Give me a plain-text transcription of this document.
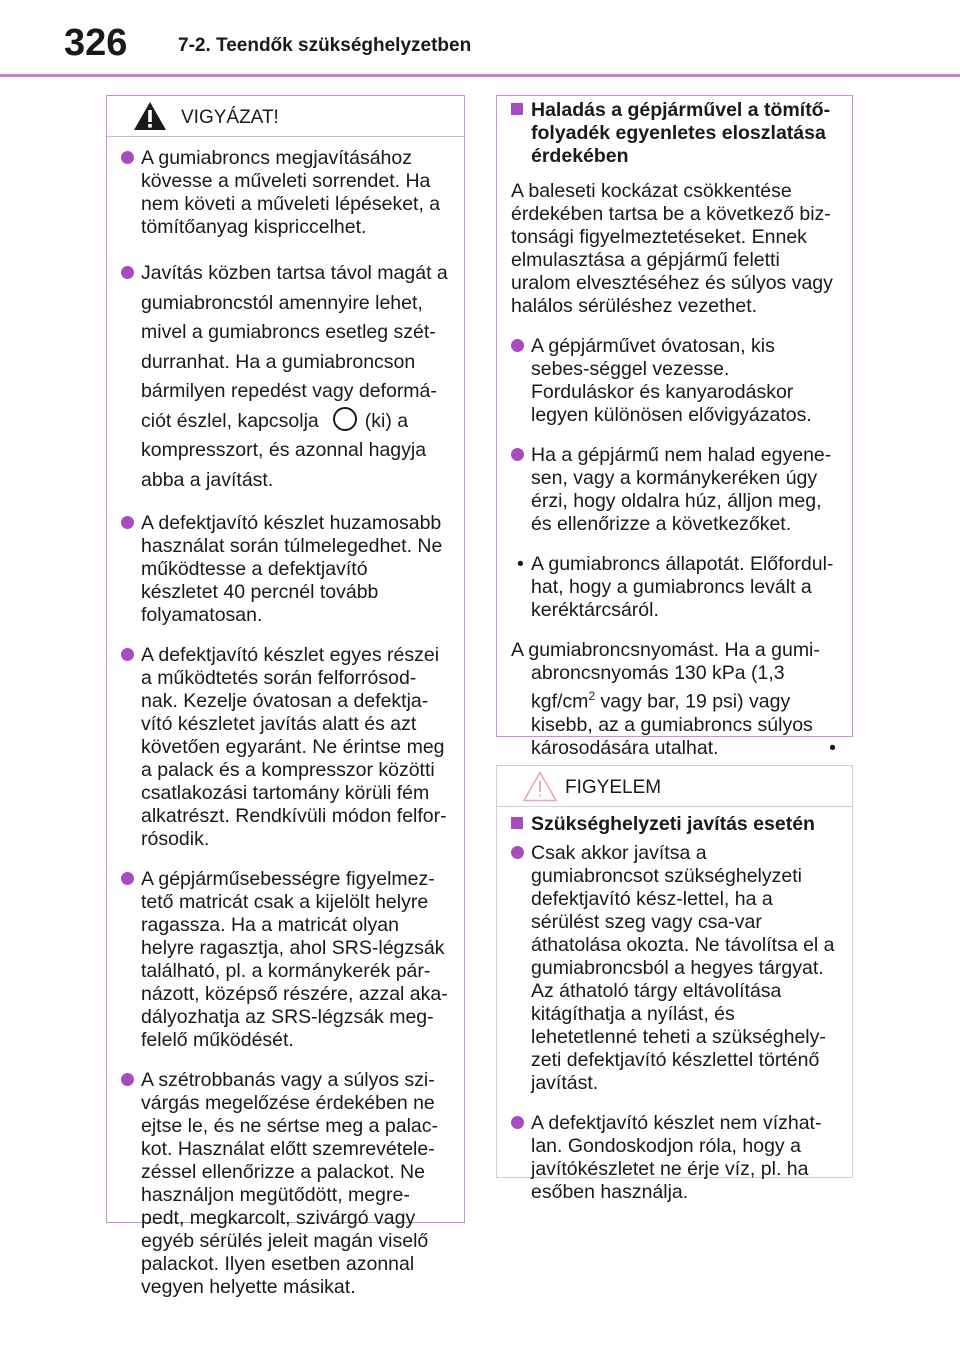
326	7-2. Teendők szükséghelyzetben
VIGYÁZAT!
A gumiabroncs megjavításához kövesse a műveleti sorrendet. Ha nem követi a műveleti lépéseket, a tömítőanyag kispriccelhet.
Javítás közben tartsa távol magát a gumiabroncstól amennyire lehet, mivel a gumiabroncs esetleg szét-durranhat. Ha a gumiabroncson bármilyen repedést vagy deformá-ciót észlel, kapcsolja (ki) a kompresszort, és azonnal hagyja abba a javítást.
A defektjavító készlet huzamosabb használat során túlmelegedhet. Ne működtesse a defektjavító készletet 40 percnél tovább folyamatosan.
A defektjavító készlet egyes részei a működtetés során felforrósod-nak. Kezelje óvatosan a defektja-vító készletet javítás alatt és azt követően egyaránt. Ne érintse meg a palack és a kompresszor közötti csatlakozási tartomány körüli fém alkatrészt. Rendkívüli módon felfor-rósodik.
A gépjárműsebességre figyelmez-tető matricát csak a kijelölt helyre ragassza. Ha a matricát olyan helyre ragasztja, ahol SRS-légzsák található, pl. a kormánykerék pár-názott, középső részére, azzal aka-dályozhatja az SRS-légzsák meg-felelő működését.
A szétrobbanás vagy a súlyos szi-várgás megelőzése érdekében ne ejtse le, és ne sértse meg a palac-kot. Használat előtt szemrevétele-zéssel ellenőrizze a palackot. Ne használjon megütődött, megre-pedt, megkarcolt, szivárgó vagy egyéb sérülés jeleit magán viselő palackot. Ilyen esetben azonnal vegyen helyette másikat.
Haladás a gépjárművel a tömítő-folyadék egyenletes eloszlatása érdekében
A baleseti kockázat csökkentése érdekében tartsa be a következő biz-tonsági figyelmeztetéseket. Ennek elmulasztása a gépjármű feletti uralom elvesztéséhez és súlyos vagy halálos sérüléshez vezethet.
A gépjárművet óvatosan, kis sebes-séggel vezesse. Forduláskor és kanyarodáskor legyen különösen elővigyázatos.
Ha a gépjármű nem halad egyene-sen, vagy a kormánykeréken úgy érzi, hogy oldalra húz, álljon meg, és ellenőrizze a következőket.
• A gumiabroncs állapotát. Előfordul-hat, hogy a gumiabroncs levált a keréktárcsáról.
A gumiabroncsnyomást. Ha a gumi-abroncsnyomás 130 kPa (1,3 kgf/$cm^2$ vagy bar, 19 psi) vagy kisebb, az a gumiabroncs súlyos károsodására utalhat.	•
FIGYELEM
Szükséghelyzeti javítás esetén
Csak akkor javítsa a gumiabroncsot szükséghelyzeti defektjavító kész-lettel, ha a sérülést szeg vagy csa-var áthatolása okozta. Ne távolítsa el a gumiabroncsból a hegyes tárgyat. Az áthatoló tárgy eltávolítása kitágíthatja a nyílást, és lehetetlenné teheti a szükséghely-zeti defektjavító készlettel történő javítást.
A defektjavító készlet nem vízhat-lan. Gondoskodjon róla, hogy a javítókészletet ne érje víz, pl. ha esőben használja.
